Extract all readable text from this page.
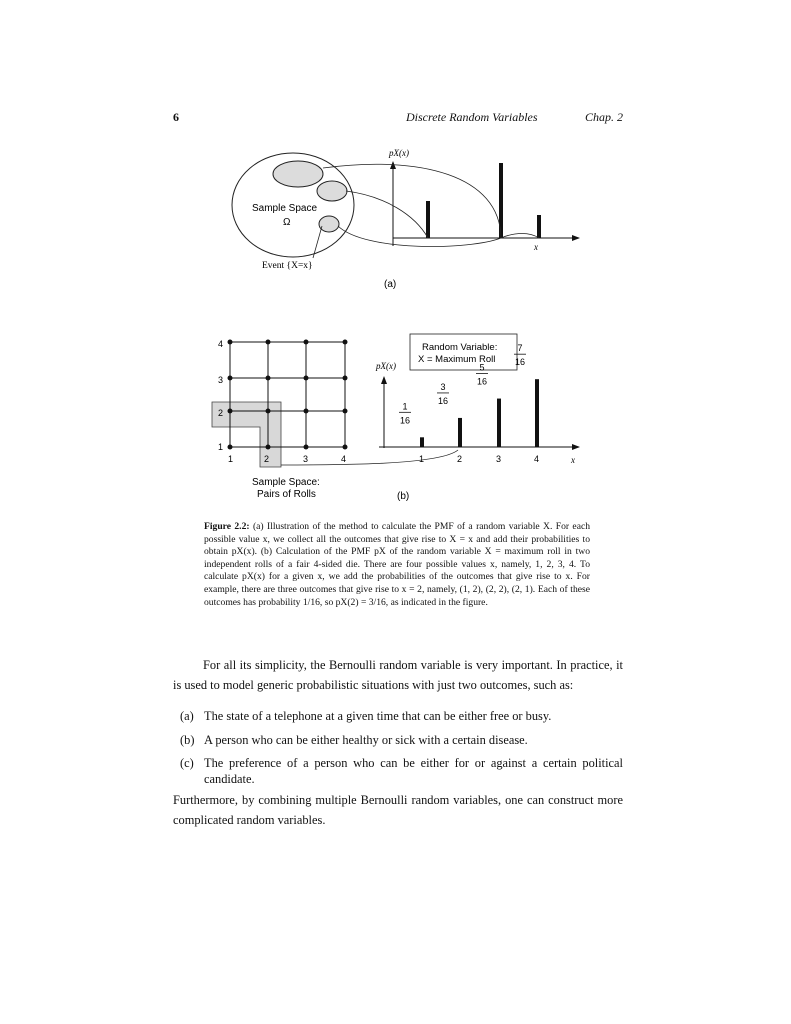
6	Discrete Random Variables	Chap. 2
Sample Space
Ω
Event {X=x}
pX(x)
x
(a)
4
3
2
1
1	2	3	4
Sample Space:
Pairs of Rolls
Random Variable:
X = Maximum Roll
pX(x)
x
1
1
16
2
3
16
3
5
16
4
7
16
(b)
Figure 2.2: (a) Illustration of the method to calculate the PMF of a random variable X. For each possible value x, we collect all the outcomes that give rise to X = x and add their probabilities to obtain pX(x). (b) Calculation of the PMF pX of the random variable X = maximum roll in two independent rolls of a fair 4-sided die. There are four possible values x, namely, 1, 2, 3, 4. To calculate pX(x) for a given x, we add the probabilities of the outcomes that give rise to x. For example, there are three outcomes that give rise to x = 2, namely, (1, 2), (2, 2), (2, 1). Each of these outcomes has probability 1/16, so pX(2) = 3/16, as indicated in the figure.
For all its simplicity, the Bernoulli random variable is very important. In practice, it is used to model generic probabilistic situations with just two outcomes, such as:
(a) The state of a telephone at a given time that can be either free or busy.
(b) A person who can be either healthy or sick with a certain disease.
(c) The preference of a person who can be either for or against a certain political candidate.
Furthermore, by combining multiple Bernoulli random variables, one can construct more complicated random variables.
